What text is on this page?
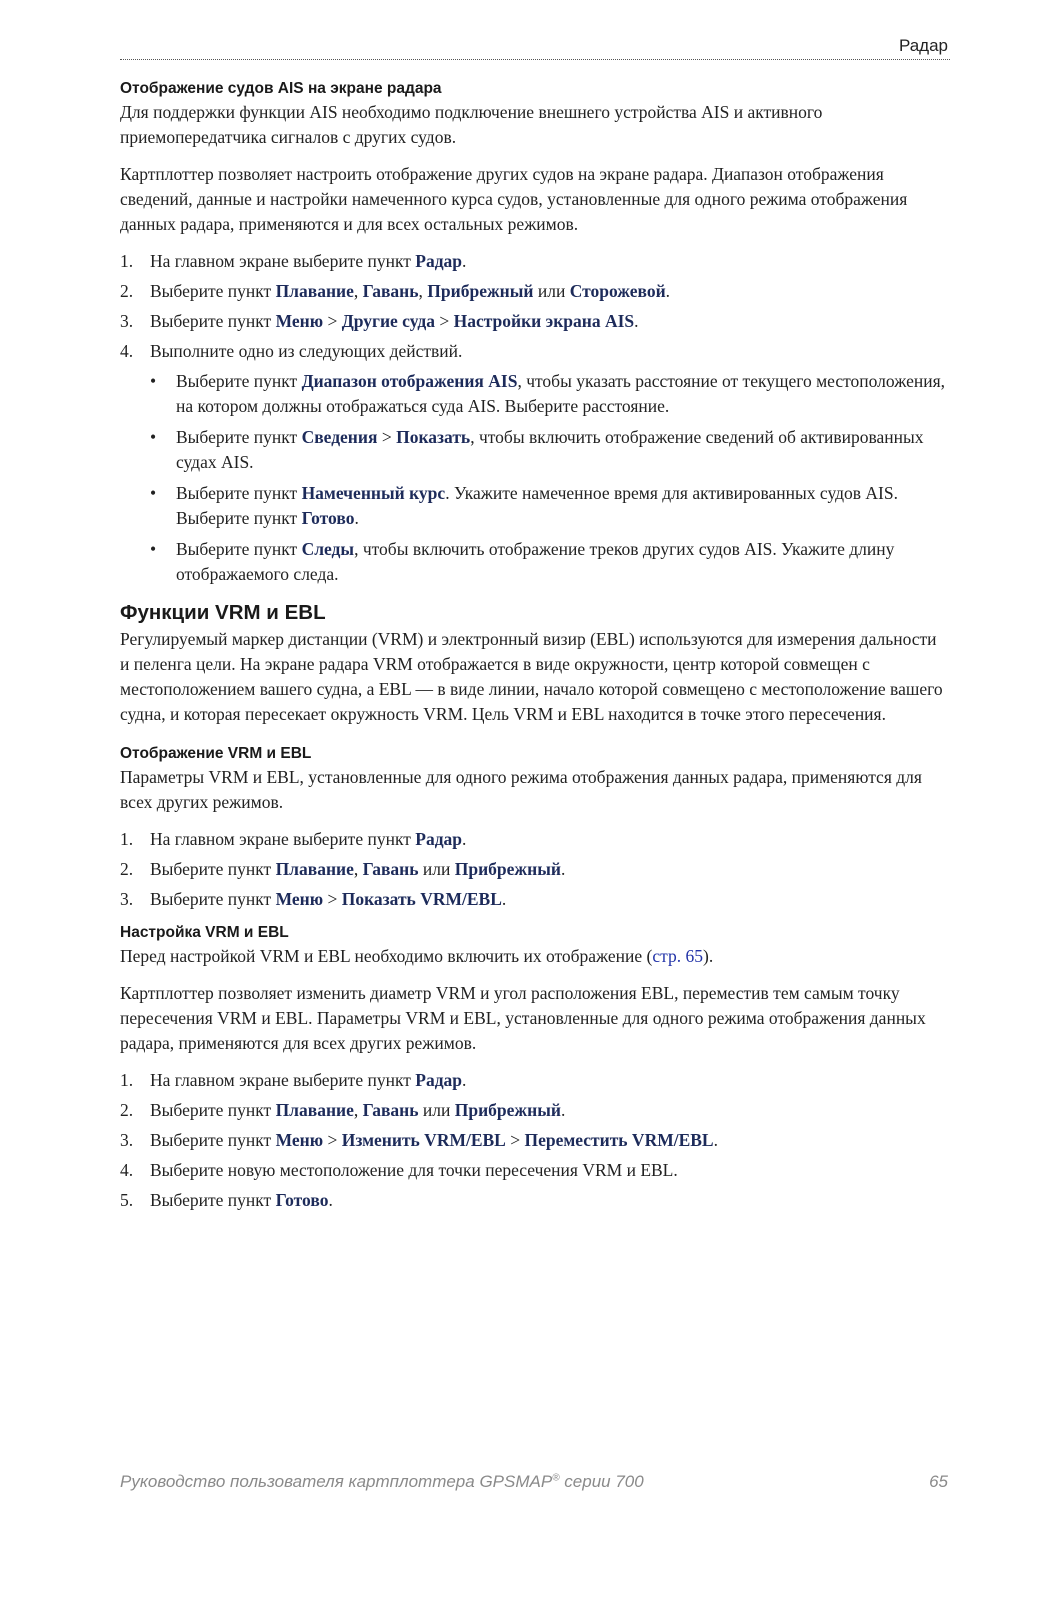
Радар
Отображение судов AIS на экране радара

Для поддержки функции AIS необходимо подключение внешнего устройства AIS и активного приемопередатчика сигналов с других судов.

Картплоттер позволяет настроить отображение других судов на экране радара. Диапазон отображения сведений, данные и настройки намеченного курса судов, установленные для одного режима отображения данных радара, применяются и для всех остальных режимов.

1. На главном экране выберите пункт Радар.
2. Выберите пункт Плавание, Гавань, Прибрежный или Сторожевой.
3. Выберите пункт Меню > Другие суда > Настройки экрана AIS.
4. Выполните одно из следующих действий.
•	Выберите пункт Диапазон отображения AIS, чтобы указать расстояние от текущего местоположения, на котором должны отображаться суда AIS. Выберите расстояние.
•	Выберите пункт Сведения > Показать, чтобы включить отображение сведений об активированных судах AIS.
•	Выберите пункт Намеченный курс. Укажите намеченное время для активированных судов AIS. Выберите пункт Готово.
•	Выберите пункт Следы, чтобы включить отображение треков других судов AIS. Укажите длину отображаемого следа.
Функции VRM и EBL

Регулируемый маркер дистанции (VRM) и электронный визир (EBL) используются для измерения дальности и пеленга цели. На экране радара VRM отображается в виде окружности, центр которой совмещен с местоположением вашего судна, а EBL — в виде линии, начало которой совмещено с местоположение вашего судна, и которая пересекает окружность VRM. Цель VRM и EBL находится в точке этого пересечения.

Отображение VRM и EBL

Параметры VRM и EBL, установленные для одного режима отображения данных радара, применяются для всех других режимов.

1. На главном экране выберите пункт Радар.
2. Выберите пункт Плавание, Гавань или Прибрежный.
3. Выберите пункт Меню > Показать VRM/EBL.
Настройка VRM и EBL

Перед настройкой VRM и EBL необходимо включить их отображение (стр. 65).

Картплоттер позволяет изменить диаметр VRM и угол расположения EBL, переместив тем самым точку пересечения VRM и EBL. Параметры VRM и EBL, установленные для одного режима отображения данных радара, применяются для всех других режимов.

1. На главном экране выберите пункт Радар.
2. Выберите пункт Плавание, Гавань или Прибрежный.
3. Выберите пункт Меню > Изменить VRM/EBL > Переместить VRM/EBL.
4. Выберите новую местоположение для точки пересечения VRM и EBL.
5. Выберите пункт Готово.
Руководство пользователя картплоттера GPSMAP® серии 700	65
